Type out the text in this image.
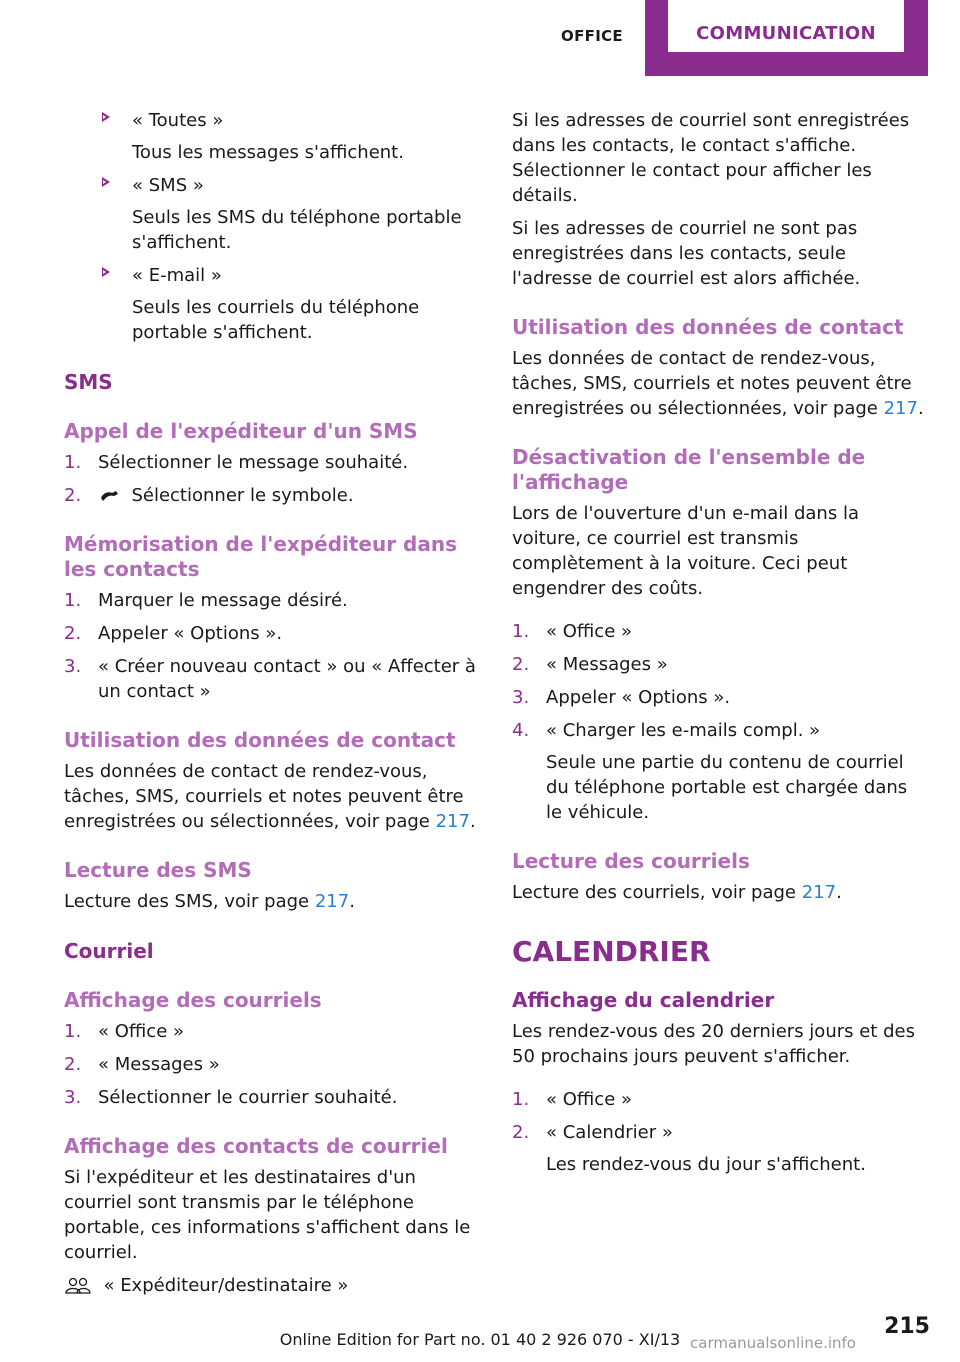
OFFICE	COMMUNICATION

« Toutes »

Tous les messages s'affichent.

« SMS »

Seuls les SMS du téléphone portable s'affichent.

« E-mail »

Seuls les courriels du téléphone portable s'affichent.

SMS
Appel de l'expéditeur d'un SMS
1. Sélectionner le message souhaité.

2.	Sélectionner le symbole.

Mémorisation de l'expéditeur dans les contacts
1. Marquer le message désiré.

2. Appeler « Options ».

3. « Créer nouveau contact » ou « Affecter à un contact »

Utilisation des données de contact

Les données de contact de rendez-vous, tâches, SMS, courriels et notes peuvent être enregistrées ou sélectionnées, voir page 217.

Lecture des SMS

Lecture des SMS, voir page 217.

Courriel
Affichage des courriels
1. « Office »

2. « Messages »

3. Sélectionner le courrier souhaité.

Affichage des contacts de courriel

Si l'expéditeur et les destinataires d'un courriel sont transmis par le téléphone portable, ces informations s'affichent dans le courriel.

« Expéditeur/destinataire »

Si les adresses de courriel sont enregistrées dans les contacts, le contact s'affiche. Sélectionner le contact pour afficher les détails.

Si les adresses de courriel ne sont pas enregistrées dans les contacts, seule l'adresse de courriel est alors affichée.

Utilisation des données de contact

Les données de contact de rendez-vous, tâches, SMS, courriels et notes peuvent être enregistrées ou sélectionnées, voir page 217.

Désactivation de l'ensemble de l'affichage

Lors de l'ouverture d'un e-mail dans la voiture, ce courriel est transmis complètement à la voiture. Ceci peut engendrer des coûts.

1. « Office »

2. « Messages »

3. Appeler « Options ».

4. « Charger les e-mails compl. »

Seule une partie du contenu de courriel du téléphone portable est chargée dans le véhicule.

Lecture des courriels

Lecture des courriels, voir page 217.

CALENDRIER
Affichage du calendrier

Les rendez-vous des 20 derniers jours et des 50 prochains jours peuvent s'afficher.

1. « Office »

2. « Calendrier »

Les rendez-vous du jour s'affichent.

215
Online Edition for Part no. 01 40 2 926 070 - XI/13 carmanualsonline.info
